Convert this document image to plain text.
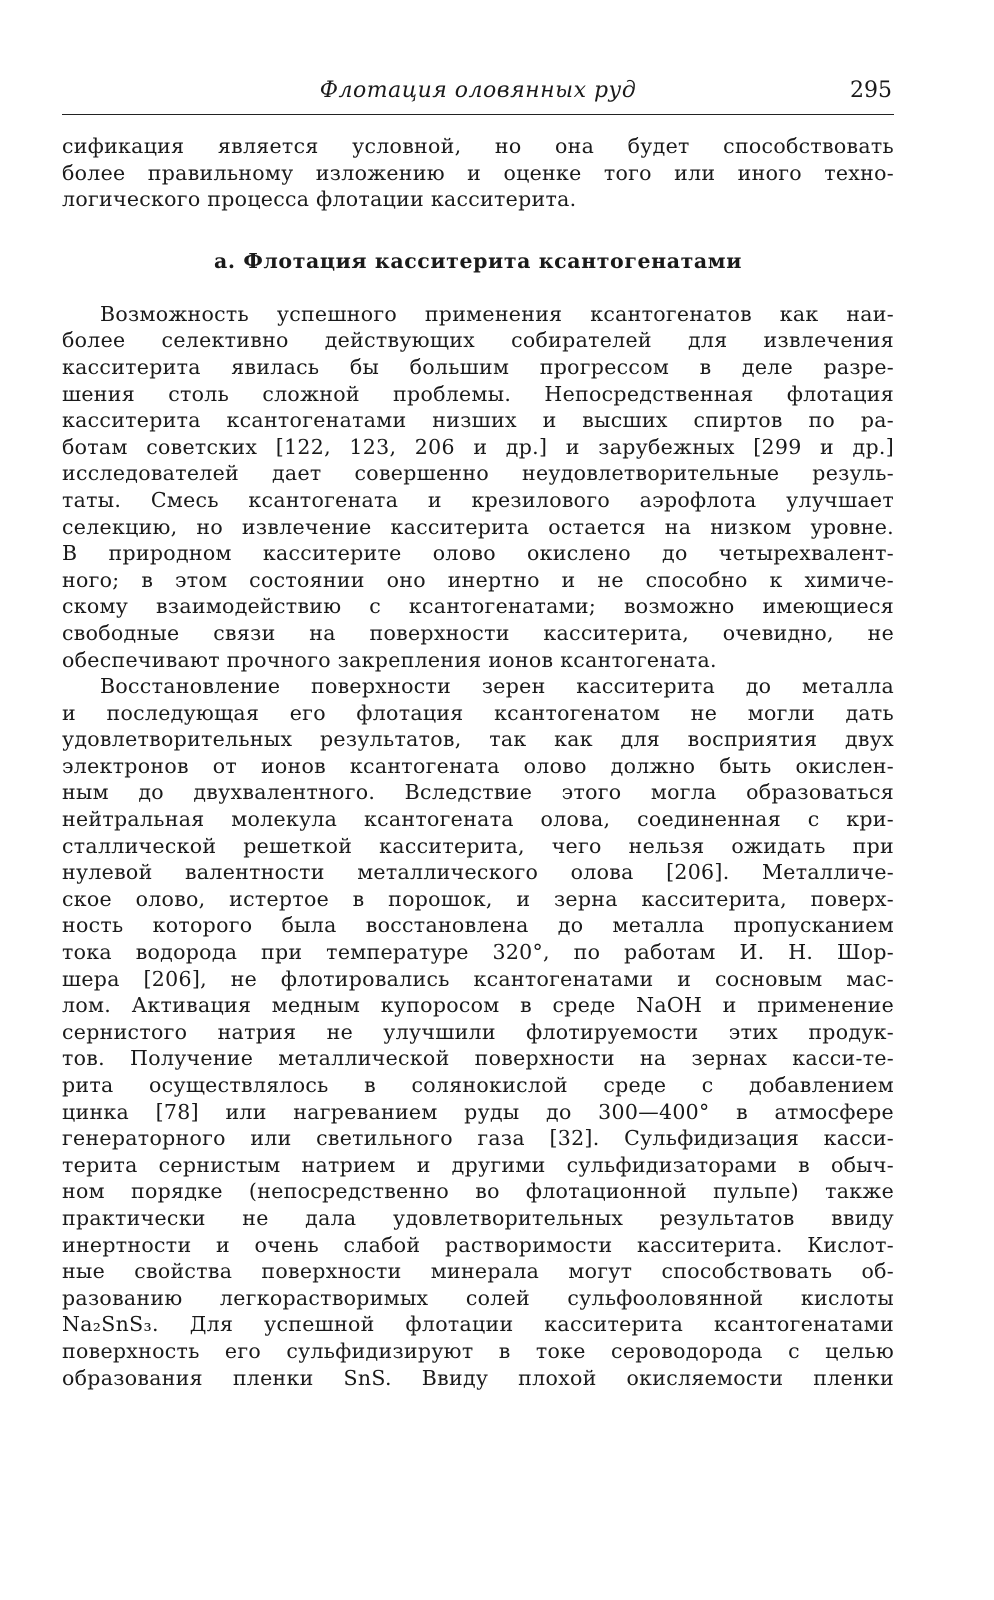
Флотация оловянных руд	295
сификация является условной, но она будет способствовать
более правильному изложению и оценке того или иного техно-
логического процесса флотации касситерита.
а. Флотация касситерита ксантогенатами
Возможность успешного применения ксантогенатов как наи-
более селективно действующих собирателей для извлечения
касситерита явилась бы большим прогрессом в деле разре-
шения столь сложной проблемы. Непосредственная флотация
касситерита ксантогенатами низших и высших спиртов по ра-
ботам советских [122, 123, 206 и др.] и зарубежных [299 и др.]
исследователей дает совершенно неудовлетворительные резуль-
таты. Смесь ксантогената и крезилового аэрофлота улучшает
селекцию, но извлечение касситерита остается на низком уровне.
В природном касситерите олово окислено до четырехвалент-
ного; в этом состоянии оно инертно и не способно к химиче-
скому взаимодействию с ксантогенатами; возможно имеющиеся
свободные связи на поверхности касситерита, очевидно, не
обеспечивают прочного закрепления ионов ксантогената.
Восстановление поверхности зерен касситерита до металла
и последующая его флотация ксантогенатом не могли дать
удовлетворительных результатов, так как для восприятия двух
электронов от ионов ксантогената олово должно быть окислен-
ным до двухвалентного. Вследствие этого могла образоваться
нейтральная молекула ксантогената олова, соединенная с кри-
сталлической решеткой касситерита, чего нельзя ожидать при
нулевой валентности металлического олова [206]. Металличе-
ское олово, истертое в порошок, и зерна касситерита, поверх-
ность которого была восстановлена до металла пропусканием
тока водорода при температуре 320°, по работам И. Н. Шор-
шера [206], не флотировались ксантогенатами и сосновым мас-
лом. Активация медным купоросом в среде NaOH и применение
сернистого натрия не улучшили флотируемости этих продук-
тов. Получение металлической поверхности на зернах касси-те-
рита осуществлялось в солянокислой среде с добавлением
цинка [78] или нагреванием руды до 300—400° в атмосфере
генераторного или светильного газа [32]. Сульфидизация касси-
терита сернистым натрием и другими сульфидизаторами в обыч-
ном порядке (непосредственно во флотационной пульпе) также
практически не дала удовлетворительных результатов ввиду
инертности и очень слабой растворимости касситерита. Кислот-
ные свойства поверхности минерала могут способствовать об-
разованию легкорастворимых солей сульфооловянной кислоты
Na₂SnS₃. Для успешной флотации касситерита ксантогенатами
поверхность его сульфидизируют в токе сероводорода с целью
образования пленки SnS. Ввиду плохой окисляемости пленки
